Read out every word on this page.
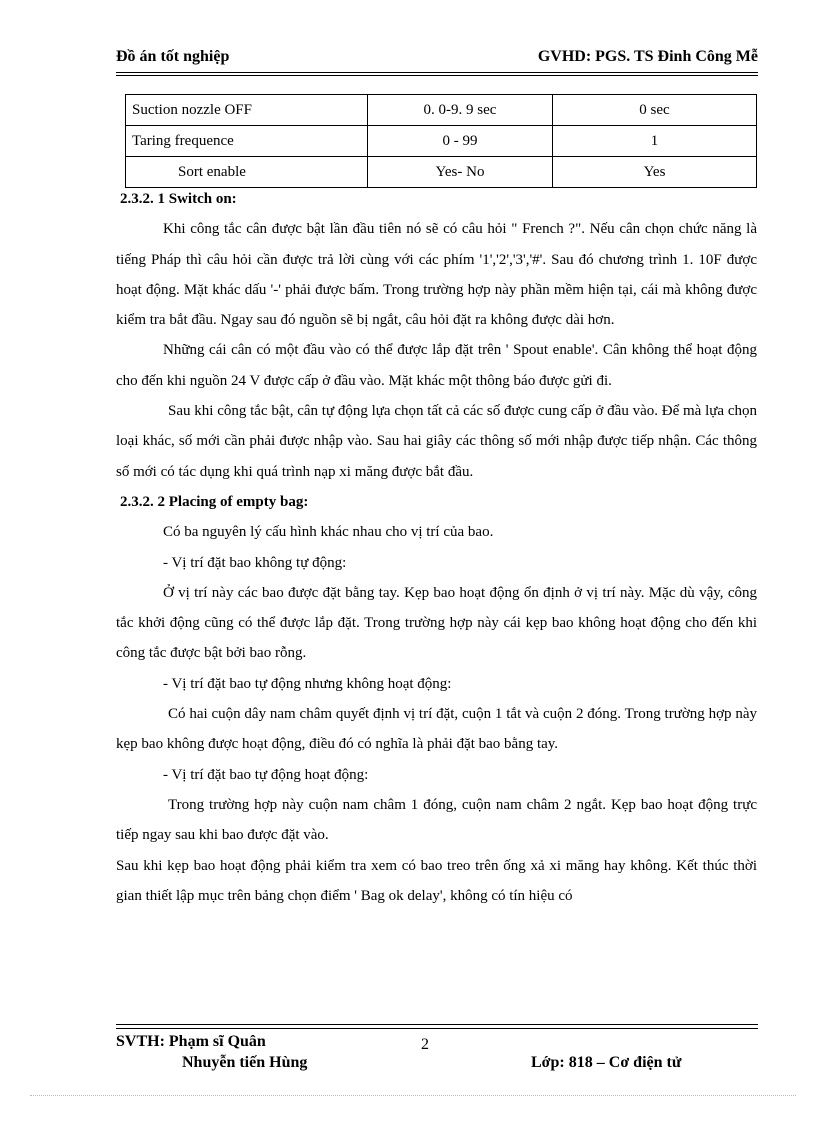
Đồ án tốt nghiệp	GVHD: PGS. TS Đinh Công Mễ
Suction nozzle OFF	0. 0-9. 9 sec	0 sec
Taring frequence	0 - 99	1
Sort enable	Yes- No	Yes

2.3.2. 1 Switch on:

Khi công tắc cân được bật lần đầu tiên nó sẽ có câu hỏi " French ?". Nếu cân chọn chức năng là tiếng Pháp thì câu hỏi cần được trả lời cùng với các phím '1','2','3','#'. Sau đó chương trình 1. 10F được hoạt động. Mặt khác dấu '-' phải được bấm. Trong trường hợp này phần mềm hiện tại, cái mà không được kiểm tra bắt đầu. Ngay sau đó nguồn sẽ bị ngắt, câu hỏi đặt ra không được dài hơn.

Những cái cân có một đầu vào có thể được lắp đặt trên ' Spout enable'. Cân không thể hoạt động cho đến khi nguồn 24 V được cấp ở đầu vào. Mặt khác một thông báo được gửi đi.

Sau khi công tắc bật, cân tự động lựa chọn tất cả các số được cung cấp ở đầu vào. Để mà lựa chọn loại khác, số mới cần phải được nhập vào. Sau hai giây các thông số mới nhập được tiếp nhận. Các thông số mới có tác dụng khi quá trình nạp xi măng được bắt đầu.

2.3.2. 2 Placing of empty bag:

Có ba nguyên lý cấu hình khác nhau cho vị trí của bao.

- Vị trí đặt bao không tự động:

Ở vị trí này các bao được đặt bằng tay. Kẹp bao hoạt động ổn định ở vị trí này. Mặc dù vậy, công tắc khởi động cũng có thể được lắp đặt. Trong trường hợp này cái kẹp bao không hoạt động cho đến khi công tắc được bật bởi bao rỗng.

- Vị trí đặt bao tự động nhưng không hoạt động:

Có hai cuộn dây nam châm quyết định vị trí đặt, cuộn 1 tắt và cuộn 2 đóng. Trong trường hợp này kẹp bao không được hoạt động, điều đó có nghĩa là phải đặt bao bằng tay.

- Vị trí đặt bao tự động hoạt động:

Trong trường hợp này cuộn nam châm 1 đóng, cuộn nam châm 2 ngắt. Kẹp bao hoạt động trực tiếp ngay sau khi bao được đặt vào.

Sau khi kẹp bao hoạt động phải kiểm tra xem có bao treo trên ống xả xi măng hay không. Kết thúc thời gian thiết lập mục trên bảng chọn điểm ' Bag ok delay', không có tín hiệu có

SVTH: Phạm sĩ Quân	2
Nhuyễn tiến Hùng	Lớp: 818 – Cơ điện tử
